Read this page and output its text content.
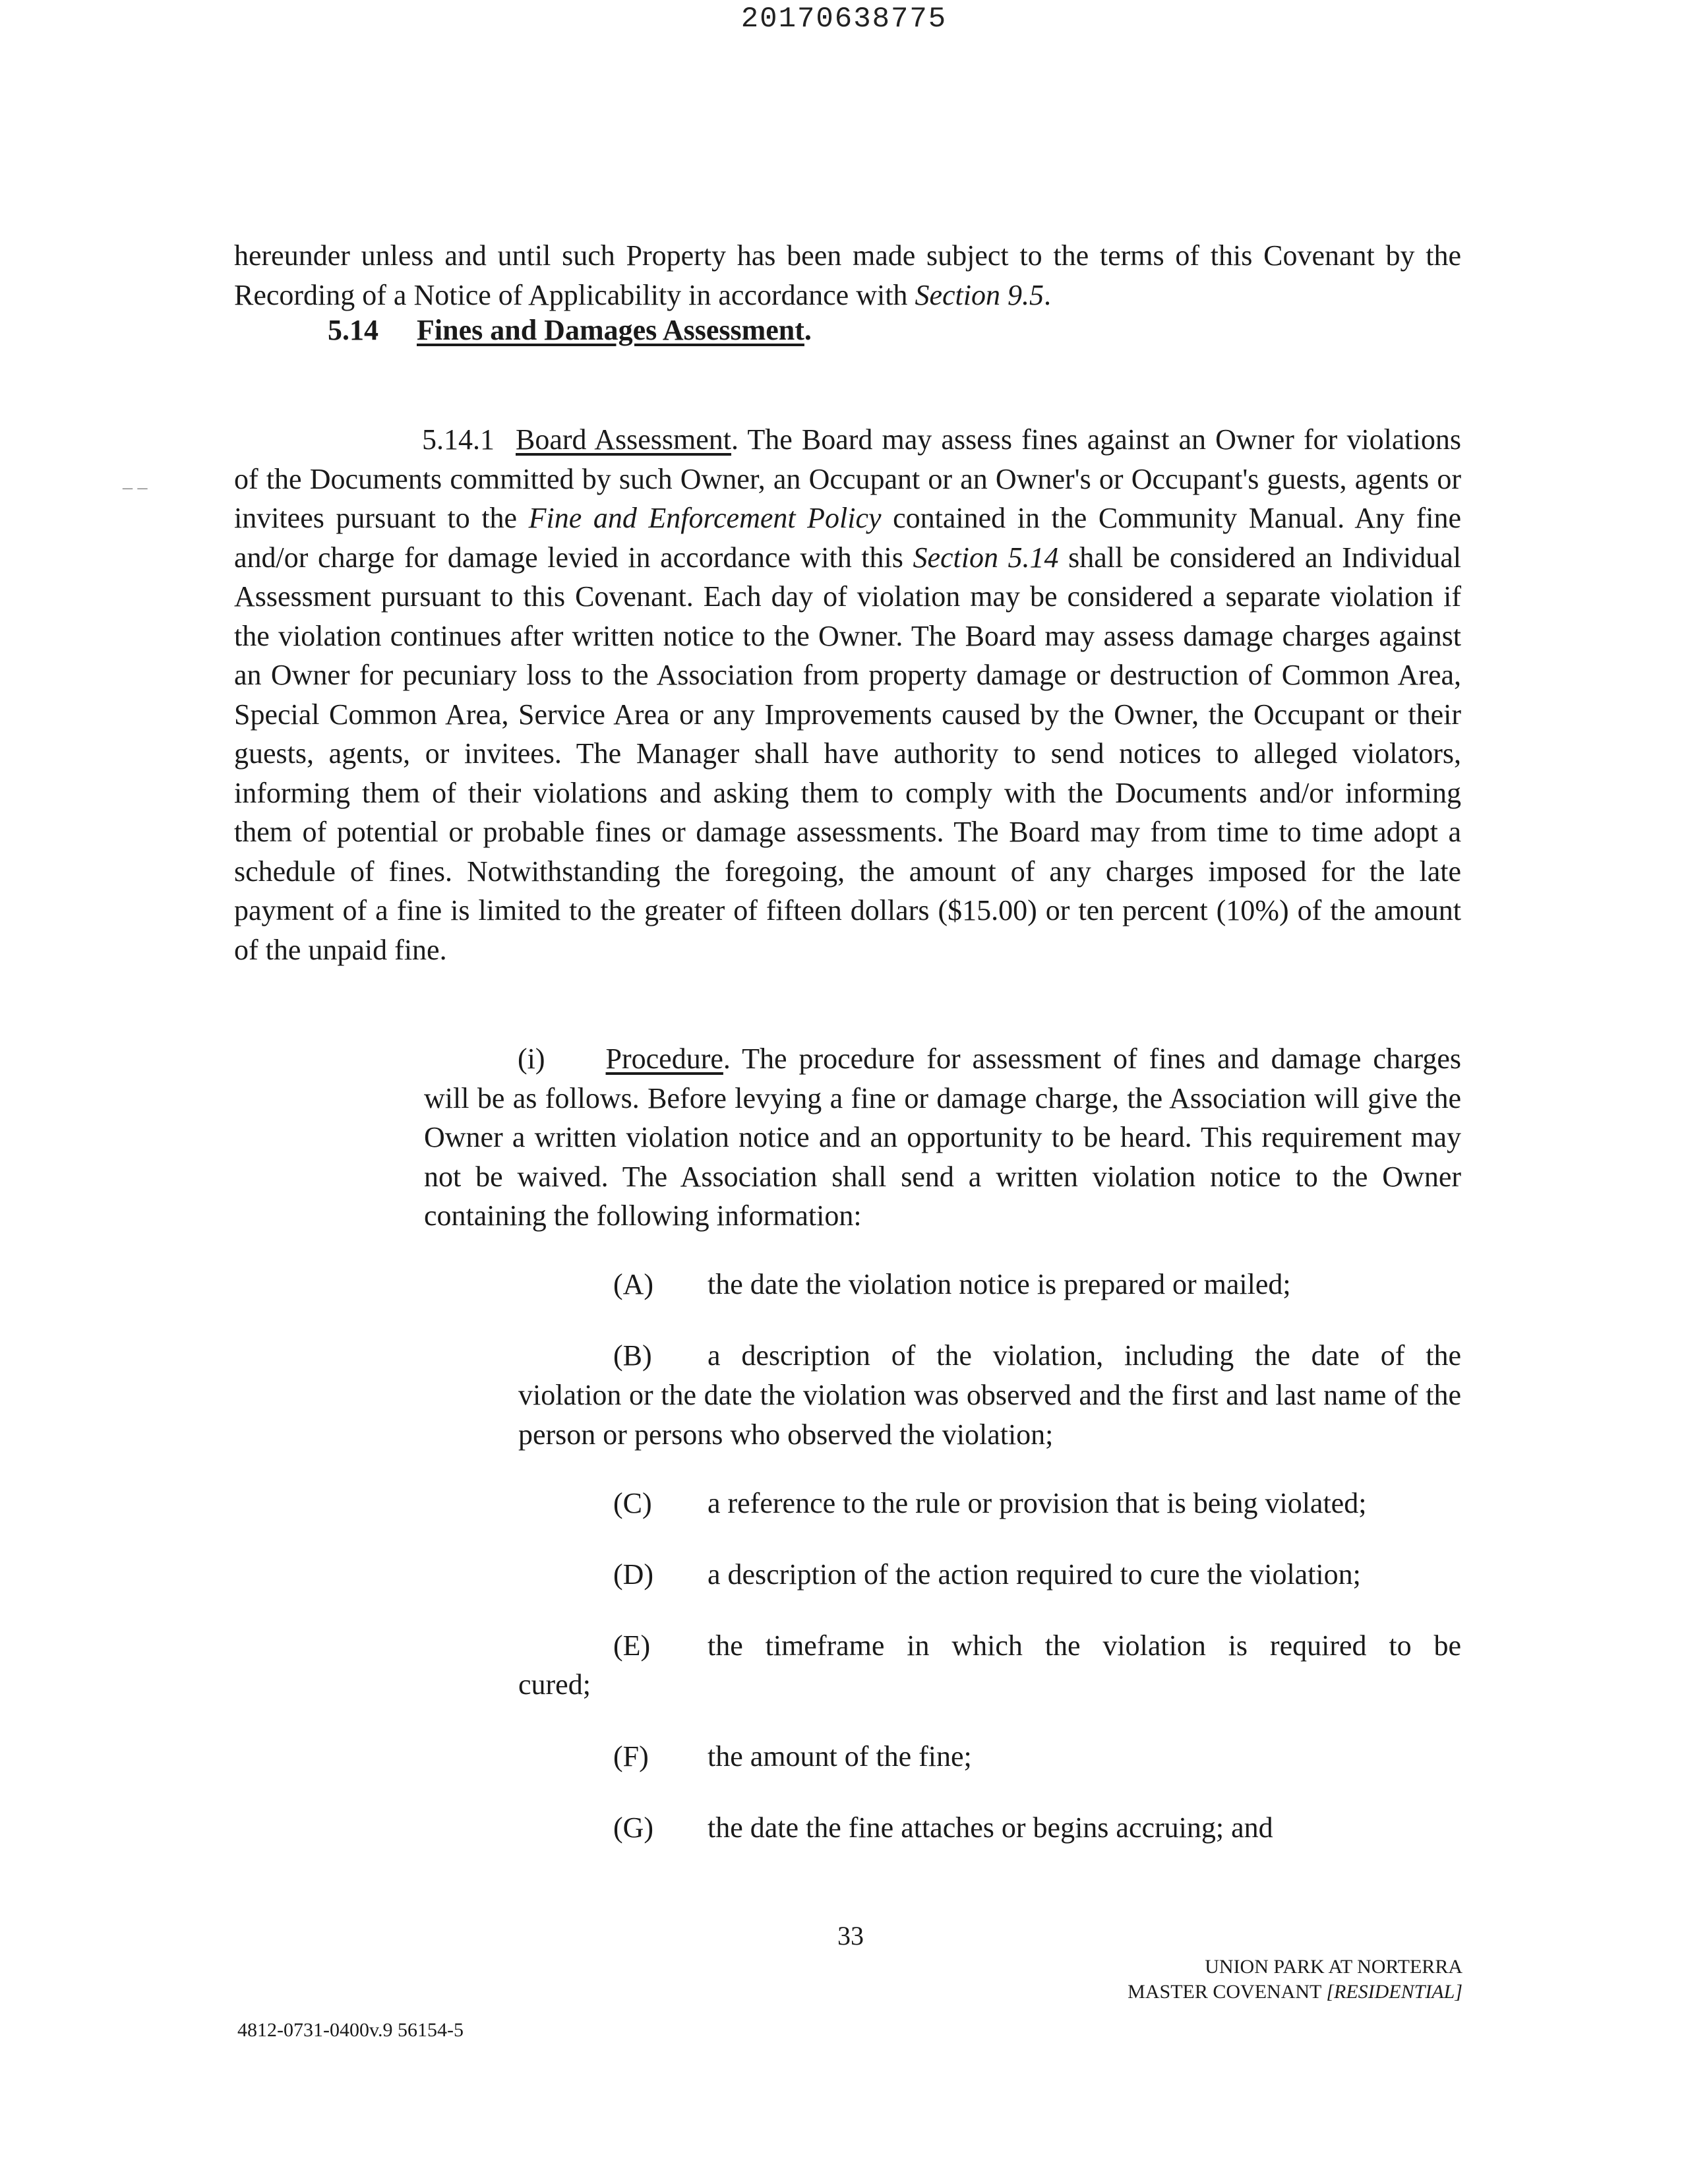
20170638775
‒ –
hereunder unless and until such Property has been made subject to the terms of this Covenant by the Recording of a Notice of Applicability in accordance with Section 9.5.
5.14 Fines and Damages Assessment.
5.14.1 Board Assessment. The Board may assess fines against an Owner for violations of the Documents committed by such Owner, an Occupant or an Owner's or Occupant's guests, agents or invitees pursuant to the Fine and Enforcement Policy contained in the Community Manual. Any fine and/or charge for damage levied in accordance with this Section 5.14 shall be considered an Individual Assessment pursuant to this Covenant. Each day of violation may be considered a separate violation if the violation continues after written notice to the Owner. The Board may assess damage charges against an Owner for pecuniary loss to the Association from property damage or destruction of Common Area, Special Common Area, Service Area or any Improvements caused by the Owner, the Occupant or their guests, agents, or invitees. The Manager shall have authority to send notices to alleged violators, informing them of their violations and asking them to comply with the Documents and/or informing them of potential or probable fines or damage assessments. The Board may from time to time adopt a schedule of fines. Notwithstanding the foregoing, the amount of any charges imposed for the late payment of a fine is limited to the greater of fifteen dollars ($15.00) or ten percent (10%) of the amount of the unpaid fine.
(i) Procedure. The procedure for assessment of fines and damage charges will be as follows. Before levying a fine or damage charge, the Association will give the Owner a written violation notice and an opportunity to be heard. This requirement may not be waived. The Association shall send a written violation notice to the Owner containing the following information:
(A) the date the violation notice is prepared or mailed;
(B) a description of the violation, including the date of the
violation or the date the violation was observed and the first and last name of the person or persons who observed the violation;
(C) a reference to the rule or provision that is being violated;
(D) a description of the action required to cure the violation;
(E) the timeframe in which the violation is required to be
cured;
(F) the amount of the fine;
(G) the date the fine attaches or begins accruing; and
33
UNION PARK AT NORTERRA
MASTER COVENANT [RESIDENTIAL]
4812-0731-0400v.9 56154-5
